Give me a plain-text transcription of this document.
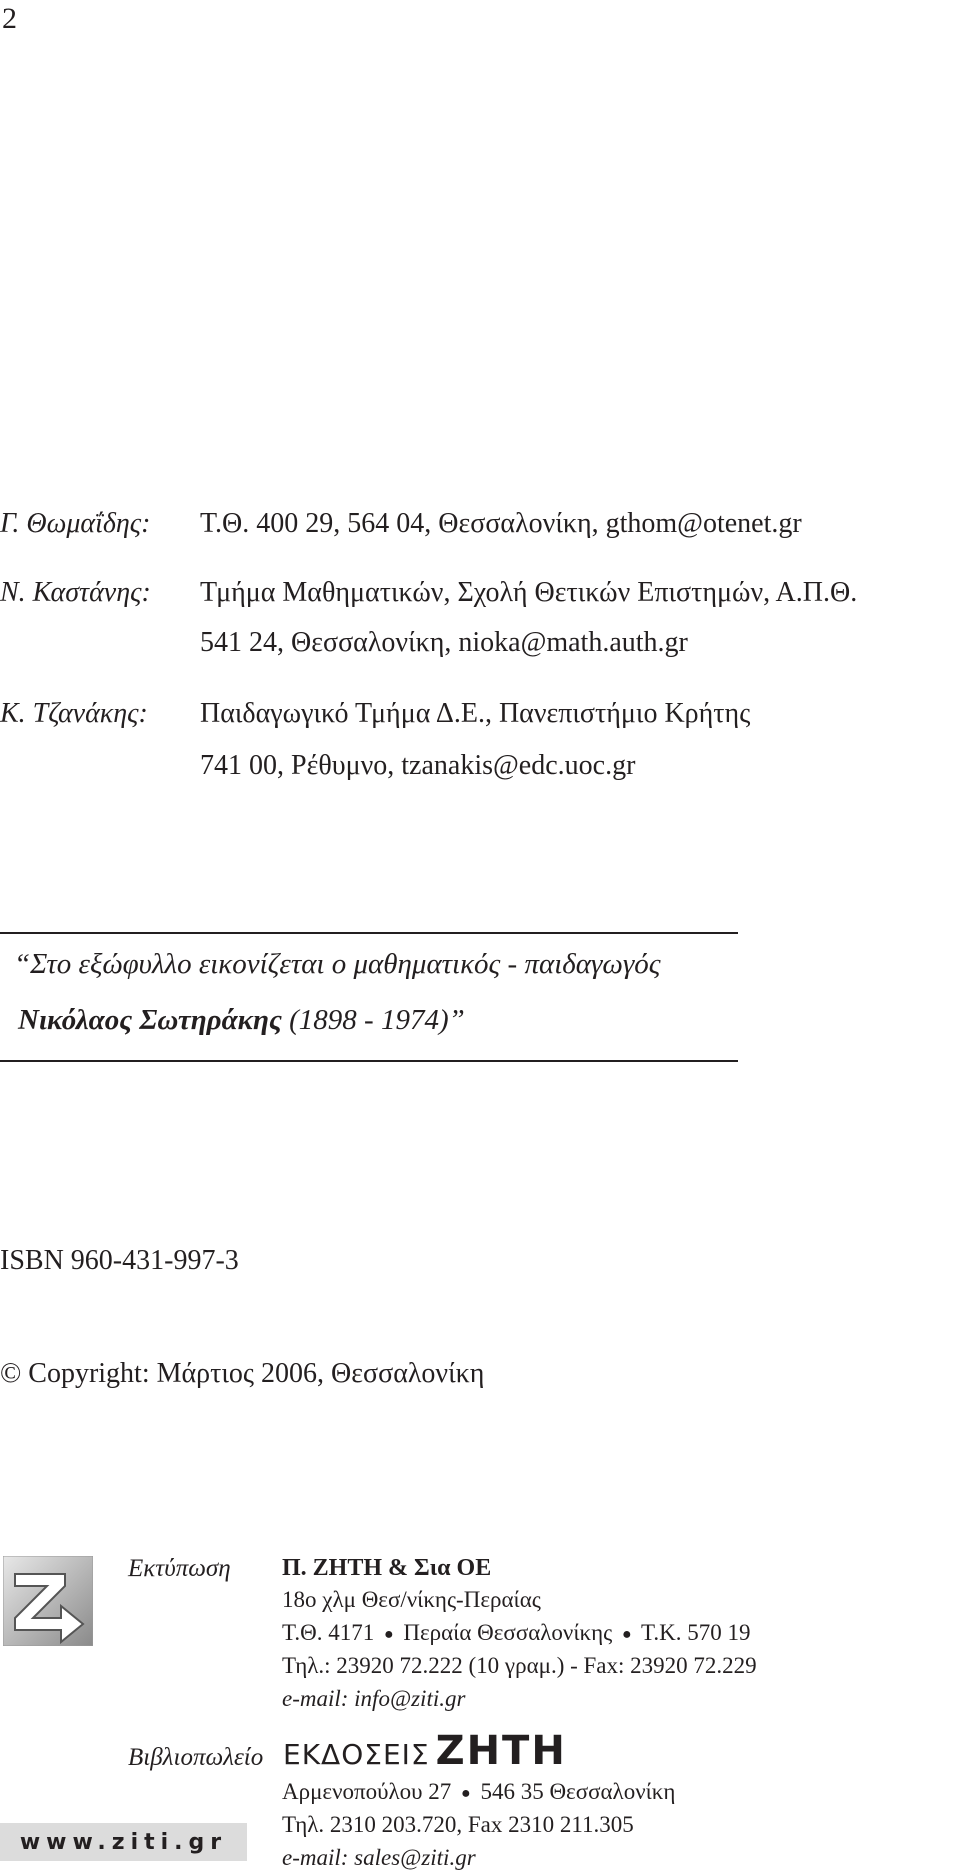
2
Γ. Θωμαΐδης: Τ.Θ. 400 29, 564 04, Θεσσαλονίκη, gthom@otenet.gr
Ν. Καστάνης: Τμήμα Μαθηματικών, Σχολή Θετικών Επιστημών, Α.Π.Θ.
541 24, Θεσσαλονίκη, nioka@math.auth.gr
Κ. Τζανάκης: Παιδαγωγικό Τμήμα Δ.Ε., Πανεπιστήμιο Κρήτης
741 00, Ρέθυμνο, tzanakis@edc.uoc.gr
“Στο εξώφυλλο εικονίζεται ο μαθηματικός - παιδαγωγός
Νικόλαος Σωτηράκης (1898 - 1974)”
ISBN 960-431-997-3
© Copyright: Μάρτιος 2006, Θεσσαλονίκη
Εκτύπωση Π. ΖΗΤΗ & Σια ΟΕ
18ο χλμ Θεσ/νίκης-Περαίας
Τ.Θ. 4171 ● Περαία Θεσσαλονίκης ● Τ.Κ. 570 19
Τηλ.: 23920 72.222 (10 γραμ.) - Fax: 23920 72.229
e-mail: info@ziti.gr
Βιβλιοπωλείο ΕΚΔΟΣΕΙΣ ΖΗΤΗ
Αρμενοπούλου 27 ● 546 35 Θεσσαλονίκη
Τηλ. 2310 203.720, Fax 2310 211.305
e-mail: sales@ziti.gr
www.ziti.gr
